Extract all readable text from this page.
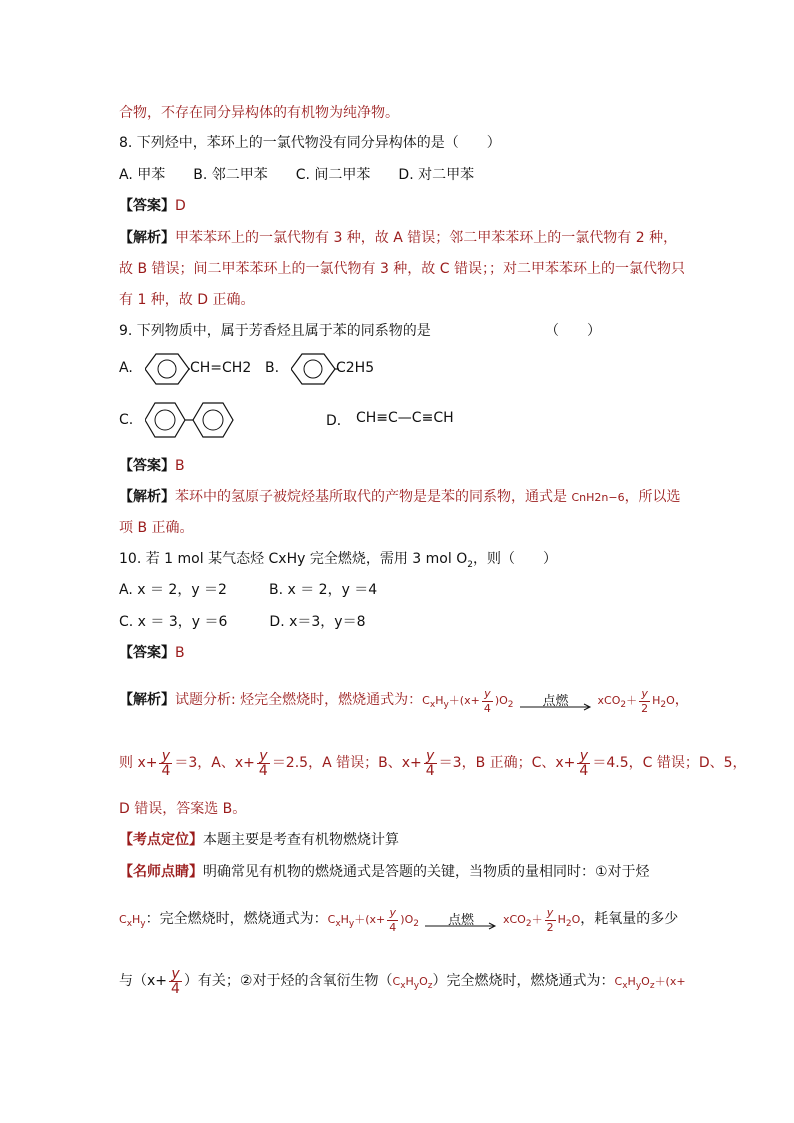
合物，不存在同分异构体的有机物为纯净物。
8. 下列烃中，苯环上的一氯代物没有同分异构体的是（　　）
A. 甲苯　　B. 邻二甲苯　　C. 间二甲苯　　D. 对二甲苯
【答案】D
【解析】甲苯苯环上的一氯代物有 3 种，故 A 错误；邻二甲苯苯环上的一氯代物有 2 种，
故 B 错误；间二甲苯苯环上的一氯代物有 3 种，故 C 错误；；对二甲苯苯环上的一氯代物只
有 1 种，故 D 正确。
9. 下列物质中，属于芳香烃且属于苯的同系物的是	（　　）
A.	CH=CH2 B.	C2H5
C.	D． CH≡C—C≡CH
【答案】B
【解析】苯环中的氢原子被烷烃基所取代的产物是是苯的同系物，通式是 CnH2n−6，所以选
项 B 正确。
10. 若 1 mol 某气态烃 CxHy 完全燃烧，需用 3 mol $O_2$，则（　　）
A. x ＝ 2，y ＝2　　　B. x ＝ 2，y ＝4
C. x ＝ 3，y ＝6　　　D. x＝3，y＝8
【答案】B
【解析】试题分析: 烃完全燃烧时，燃烧通式为：$C_xH_y+(x+ \frac{y}{4} )O_2$	点燃	$xCO_2+ \frac{y}{2} H_2O$，
则 $x+ \frac{y}{4} =3$，A、$x+ \frac{y}{4} =2.5$，A 错误；B、$x+ \frac{y}{4} =3$，B 正确；C、$x+ \frac{y}{4} =4.5$，C 错误；D、5，
D 错误，答案选 B。
【考点定位】本题主要是考查有机物燃烧计算
【名师点睛】明确常见有机物的燃烧通式是答题的关键，当物质的量相同时：①对于烃
$C_xH_y$：完全燃烧时，燃烧通式为：$C_xH_y+(x+ \frac{y}{4} )O_2$	点燃	$xCO_2+ \frac{y}{2} H_2O$，耗氧量的多少
与（$x+ \frac{y}{4}$ ）有关；②对于烃的含氧衍生物$(C_xH_yO_z)$完全燃烧时，燃烧通式为：$C_xH_yO_z+(x+$
